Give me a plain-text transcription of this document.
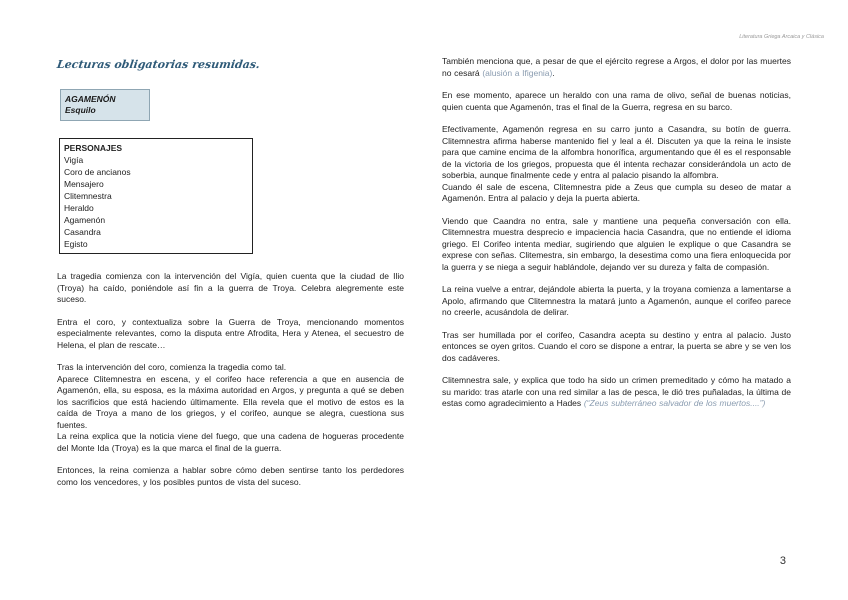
Literatura Griega Arcaica y Clásica
Lecturas obligatorias resumidas.
AGAMENÓN
Esquilo
PERSONAJES
Vigía
Coro de ancianos
Mensajero
Clitemnestra
Heraldo
Agamenón
Casandra
Egisto
La tragedia comienza con la intervención del Vigía, quien cuenta que la ciudad de Ilio (Troya) ha caído, poniéndole así fin a la guerra de Troya. Celebra alegremente este suceso.
Entra el coro, y contextualiza sobre la Guerra de Troya, mencionando momentos especialmente relevantes, como la disputa entre Afrodita, Hera y Atenea, el secuestro de Helena, el plan de rescate…
Tras la intervención del coro, comienza la tragedia como tal.
Aparece Clitemnestra en escena, y el corifeo hace referencia a que en ausencia de Agamenón, ella, su esposa, es la máxima autoridad en Argos, y pregunta a qué se deben los sacrificios que está haciendo últimamente. Ella revela que el motivo de estos es la caída de Troya a mano de los griegos, y el corifeo, aunque se alegra, cuestiona sus fuentes.
La reina explica que la noticia viene del fuego, que una cadena de hogueras procedente del Monte Ida (Troya) es la que marca el final de la guerra.
Entonces, la reina comienza a hablar sobre cómo deben sentirse tanto los perdedores como los vencedores, y los posibles puntos de vista del suceso.
También menciona que, a pesar de que el ejército regrese a Argos, el dolor por las muertes no cesará (alusión a Ifigenia).
En ese momento, aparece un heraldo con una rama de olivo, señal de buenas noticias, quien cuenta que Agamenón, tras el final de la Guerra, regresa en su barco.
Efectivamente, Agamenón regresa en su carro junto a Casandra, su botín de guerra. Clitemnestra afirma haberse mantenido fiel y leal a él. Discuten ya que la reina le insiste para que camine encima de la alfombra honorífica, argumentando que él es el responsable de la victoria de los griegos, propuesta que él intenta rechazar considerándola un acto de soberbia, aunque finalmente cede y entra al palacio pisando la alfombra.
Cuando él sale de escena, Clitemnestra pide a Zeus que cumpla su deseo de matar a Agamenón. Entra al palacio y deja la puerta abierta.
Viendo que Caandra no entra, sale y mantiene una pequeña conversación con ella. Clitemnestra muestra desprecio e impaciencia hacia Casandra, que no entiende el idioma griego. El Corifeo intenta mediar, sugiriendo que alguien le explique o que Casandra se exprese con señas. Clitemestra, sin embargo, la desestima como una fiera enloquecida por la guerra y se niega a seguir hablándole, dejando ver su dureza y falta de compasión.
La reina vuelve a entrar, dejándole abierta la puerta, y la troyana comienza a lamentarse a Apolo, afirmando que Clitemnestra la matará junto a Agamenón, aunque el corifeo parece no creerle, acusándola de delirar.
Tras ser humillada por el corifeo, Casandra acepta su destino y entra al palacio. Justo entonces se oyen gritos. Cuando el coro se dispone a entrar, la puerta se abre y se ven los dos cadáveres.
Clitemnestra sale, y explica que todo ha sido un crimen premeditado y cómo ha matado a su marido: tras atarle con una red similar a las de pesca, le dió tres puñaladas, la última de estas como agradecimiento a Hades (“Zeus subterráneo salvador de los muertos....”)
3
